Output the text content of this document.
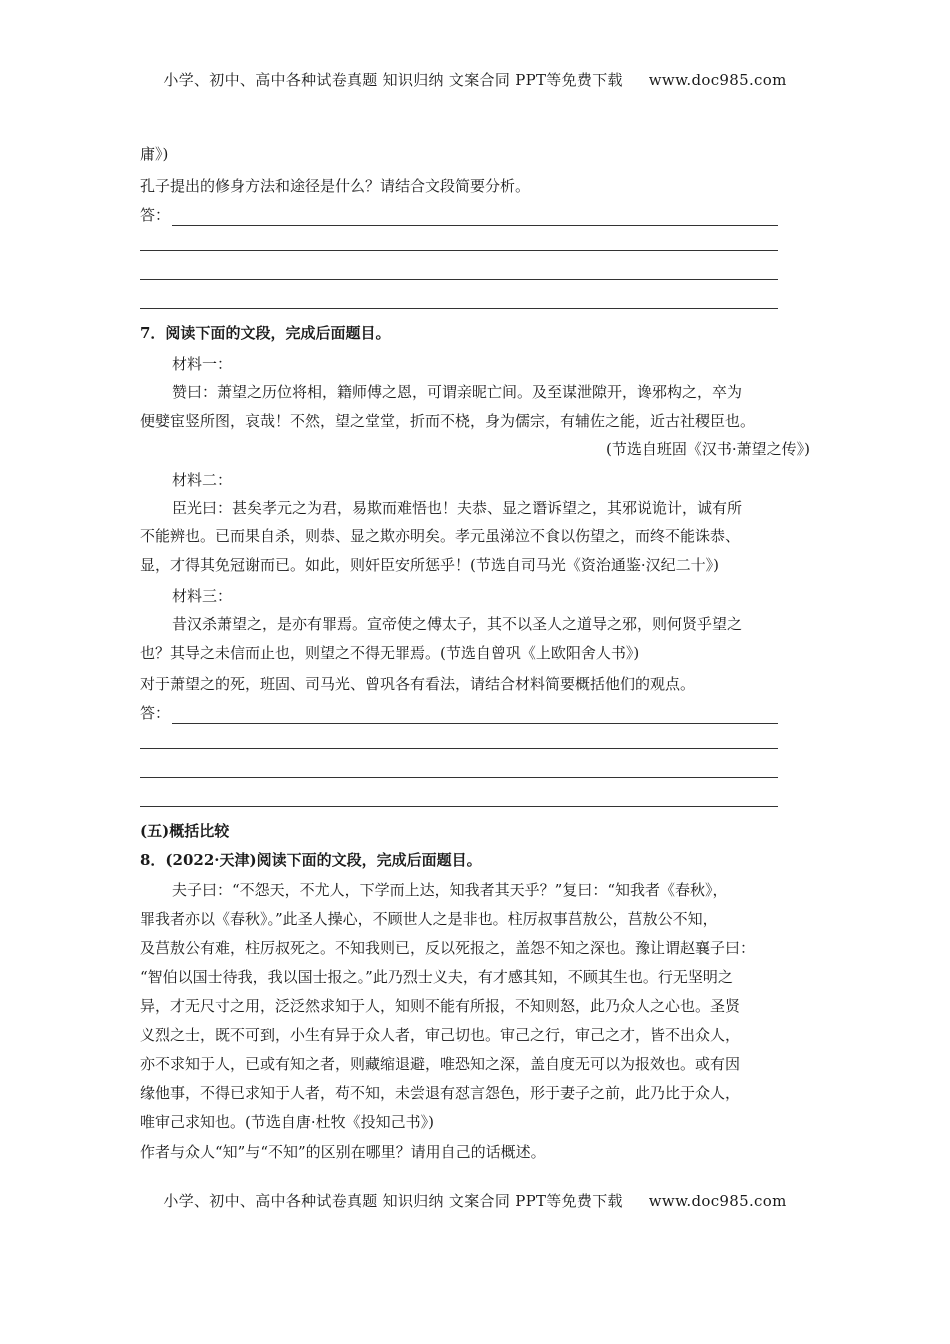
小学、初中、高中各种试卷真题 知识归纳 文案合同 PPT等免费下载 www.doc985.com
庸》)
孔子提出的修身方法和途径是什么？请结合文段简要分析。
答：
7．阅读下面的文段，完成后面题目。
材料一：
赞曰：萧望之历位将相，籍师傅之恩，可谓亲昵亡间。及至谋泄隙开，谗邪构之，卒为
便嬖宦竖所图，哀哉！不然，望之堂堂，折而不桡，身为儒宗，有辅佐之能，近古社稷臣也。
(节选自班固《汉书·萧望之传》)
材料二：
臣光曰：甚矣孝元之为君，易欺而难悟也！夫恭、显之谮诉望之，其邪说诡计，诚有所
不能辨也。已而果自杀，则恭、显之欺亦明矣。孝元虽涕泣不食以伤望之，而终不能诛恭、
显，才得其免冠谢而已。如此，则奸臣安所惩乎！(节选自司马光《资治通鉴·汉纪二十》)
材料三：
昔汉杀萧望之，是亦有罪焉。宣帝使之傅太子，其不以圣人之道导之邪，则何贤乎望之
也？其导之未信而止也，则望之不得无罪焉。(节选自曾巩《上欧阳舍人书》)
对于萧望之的死，班固、司马光、曾巩各有看法，请结合材料简要概括他们的观点。
答：
(五)概括比较
8．(2022·天津)阅读下面的文段，完成后面题目。
夫子曰：“不怨天，不尤人，下学而上达，知我者其天乎？”复曰：“知我者《春秋》，
罪我者亦以《春秋》。”此圣人操心，不顾世人之是非也。柱厉叔事莒敖公，莒敖公不知，
及莒敖公有难，柱厉叔死之。不知我则已，反以死报之，盖怨不知之深也。豫让谓赵襄子曰：
“智伯以国士待我，我以国士报之。”此乃烈士义夫，有才感其知，不顾其生也。行无坚明之
异，才无尺寸之用，泛泛然求知于人，知则不能有所报，不知则怒，此乃众人之心也。圣贤
义烈之士，既不可到，小生有异于众人者，审己切也。审己之行，审己之才，皆不出众人，
亦不求知于人，已或有知之者，则藏缩退避，唯恐知之深，盖自度无可以为报效也。或有因
缘他事，不得已求知于人者，苟不知，未尝退有怼言怨色，形于妻子之前，此乃比于众人，
唯审己求知也。(节选自唐·杜牧《投知己书》)
作者与众人“知”与“不知”的区别在哪里？请用自己的话概述。
小学、初中、高中各种试卷真题 知识归纳 文案合同 PPT等免费下载 www.doc985.com
